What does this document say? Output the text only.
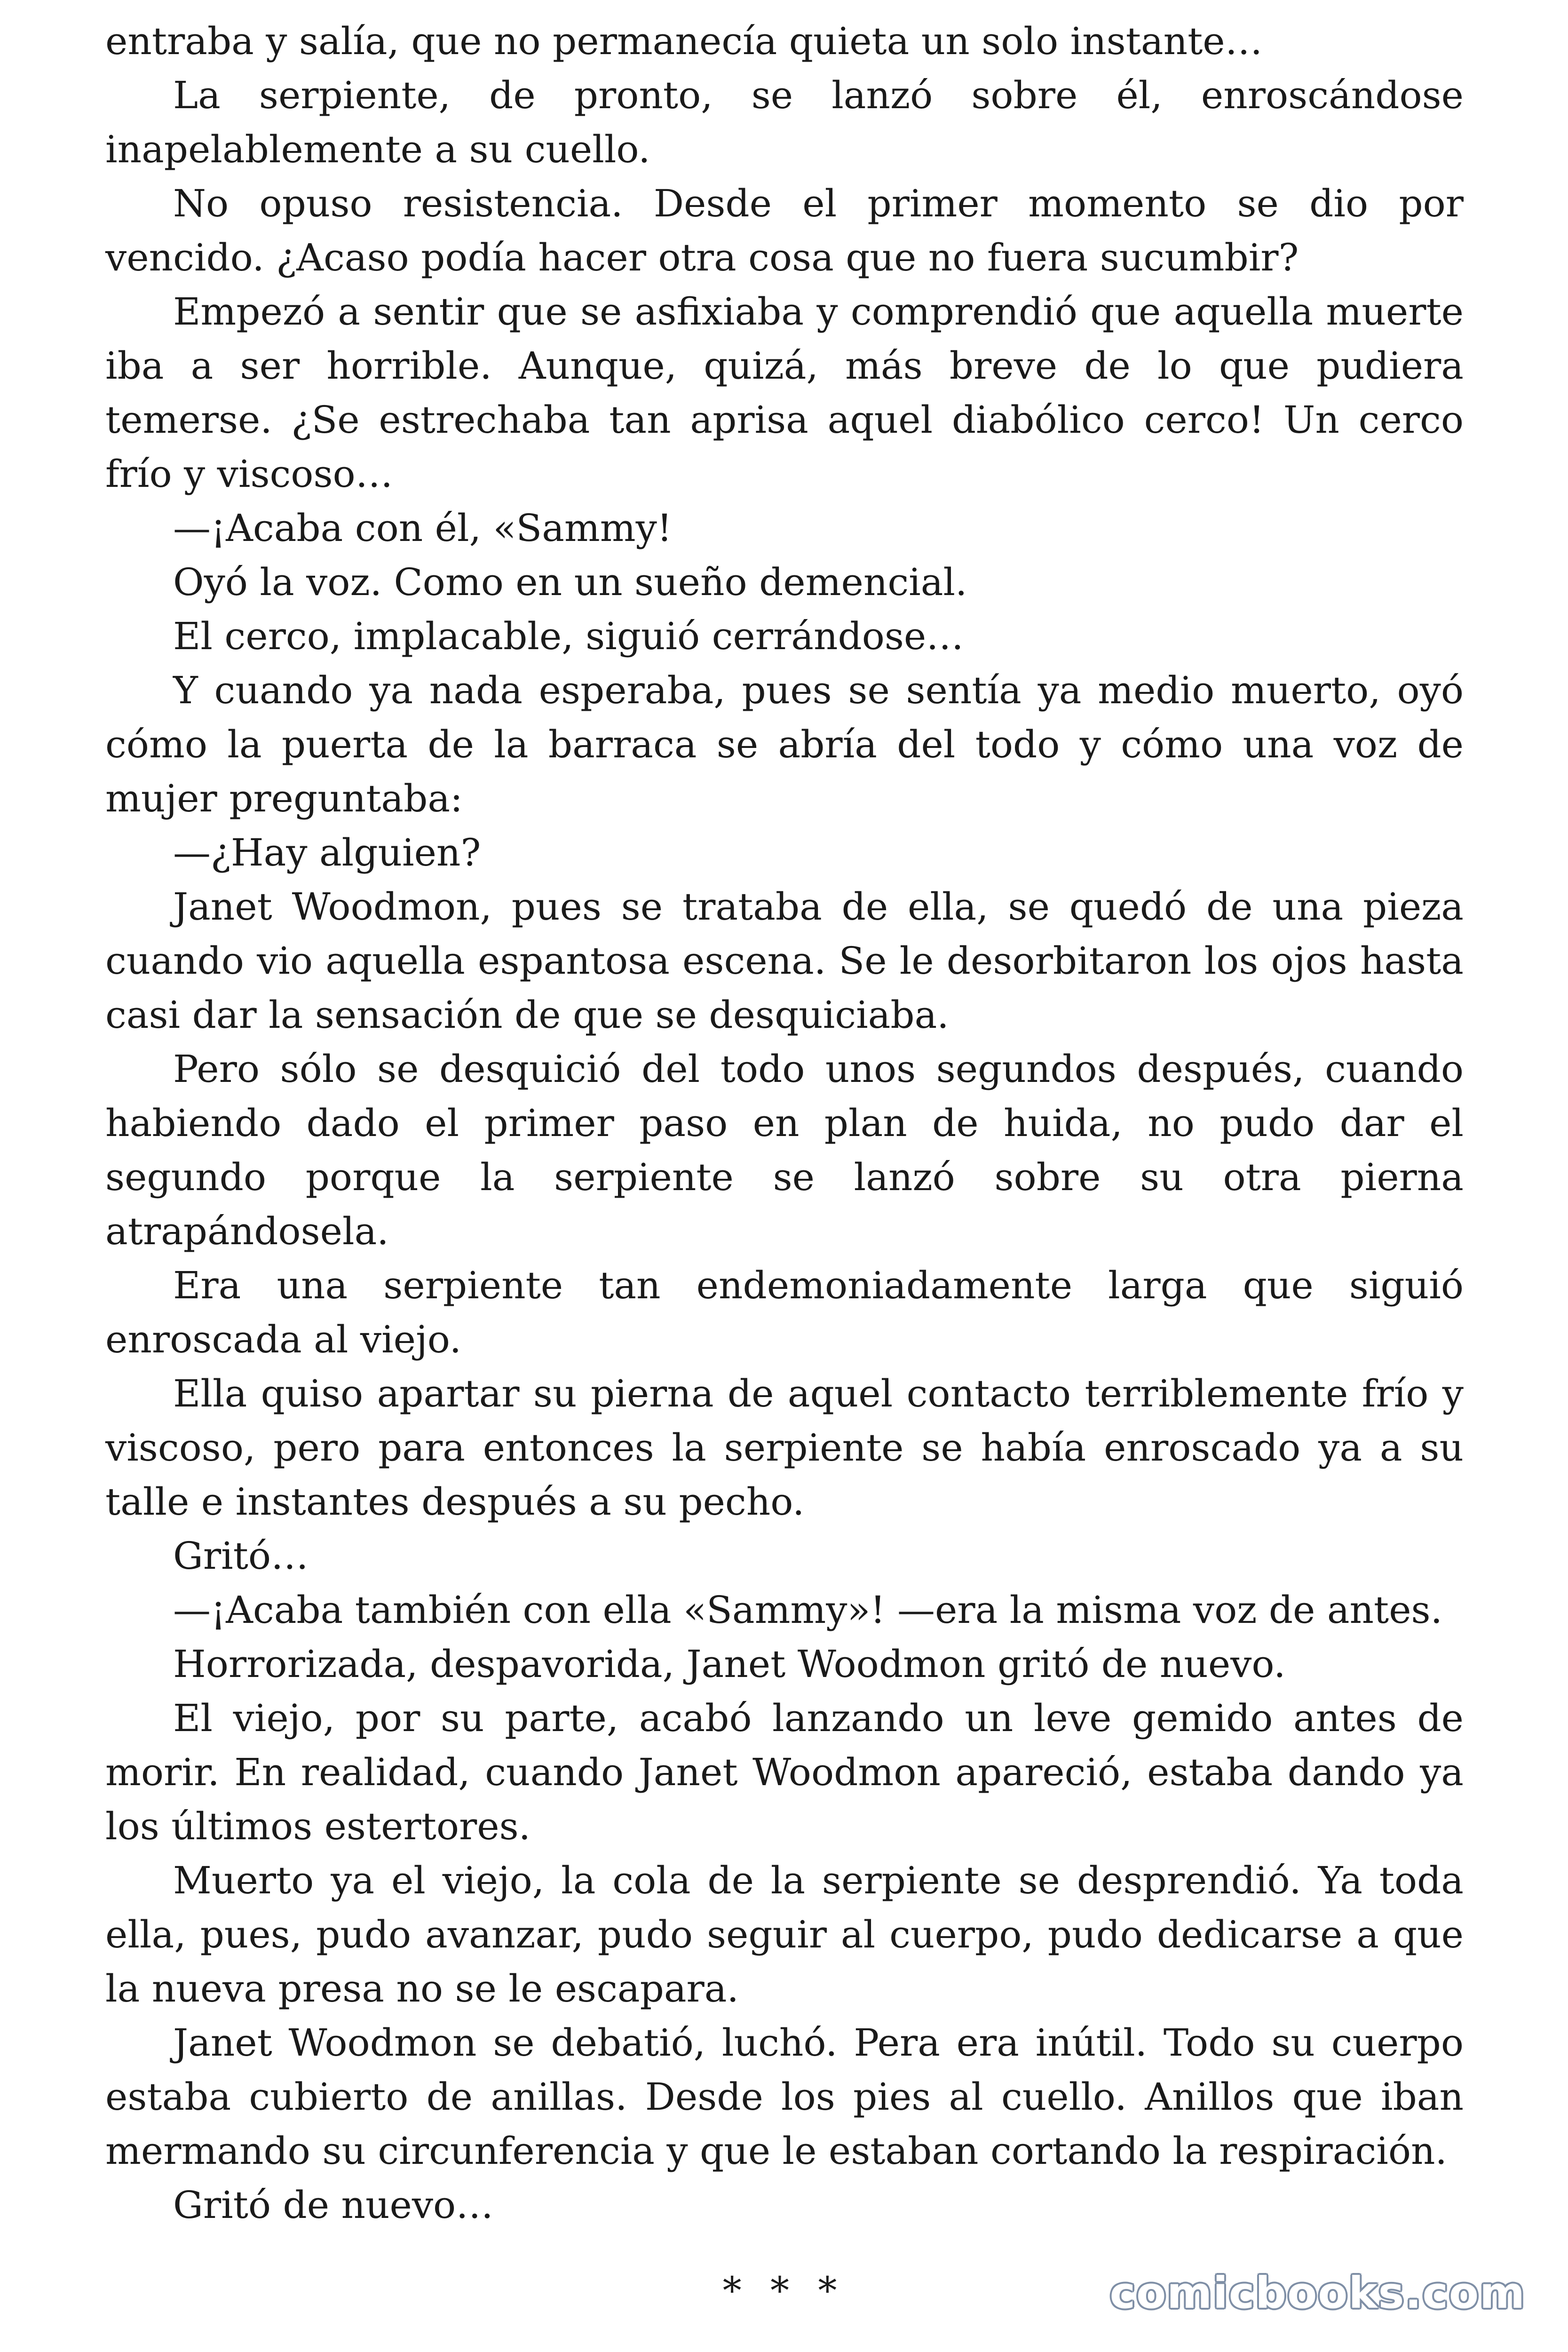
entraba y salía, que no permanecía quieta un solo instante…

La serpiente, de pronto, se lanzó sobre él, enroscándose inapelablemente a su cuello.

No opuso resistencia. Desde el primer momento se dio por vencido. ¿Acaso podía hacer otra cosa que no fuera sucumbir?

Empezó a sentir que se asfixiaba y comprendió que aquella muerte iba a ser horrible. Aunque, quizá, más breve de lo que pudiera temerse. ¿Se estrechaba tan aprisa aquel diabólico cerco! Un cerco frío y viscoso…

—¡Acaba con él, «Sammy!

Oyó la voz. Como en un sueño demencial.

El cerco, implacable, siguió cerrándose…

Y cuando ya nada esperaba, pues se sentía ya medio muerto, oyó cómo la puerta de la barraca se abría del todo y cómo una voz de mujer preguntaba:

—¿Hay alguien?

Janet Woodmon, pues se trataba de ella, se quedó de una pieza cuando vio aquella espantosa escena. Se le desorbitaron los ojos hasta casi dar la sensación de que se desquiciaba.

Pero sólo se desquició del todo unos segundos después, cuando habiendo dado el primer paso en plan de huida, no pudo dar el segundo porque la serpiente se lanzó sobre su otra pierna atrapándosela.

Era una serpiente tan endemoniadamente larga que siguió enroscada al viejo.

Ella quiso apartar su pierna de aquel contacto terriblemente frío y viscoso, pero para entonces la serpiente se había enroscado ya a su talle e instantes después a su pecho.

Gritó…

—¡Acaba también con ella «Sammy»! —era la misma voz de antes.

Horrorizada, despavorida, Janet Woodmon gritó de nuevo.

El viejo, por su parte, acabó lanzando un leve gemido antes de morir. En realidad, cuando Janet Woodmon apareció, estaba dando ya los últimos estertores.

Muerto ya el viejo, la cola de la serpiente se desprendió. Ya toda ella, pues, pudo avanzar, pudo seguir al cuerpo, pudo dedicarse a que la nueva presa no se le escapara.

Janet Woodmon se debatió, luchó. Pera era inútil. Todo su cuerpo estaba cubierto de anillas. Desde los pies al cuello. Anillos que iban mermando su circunferencia y que le estaban cortando la respiración.

Gritó de nuevo…

* * *	comicbooks.com
